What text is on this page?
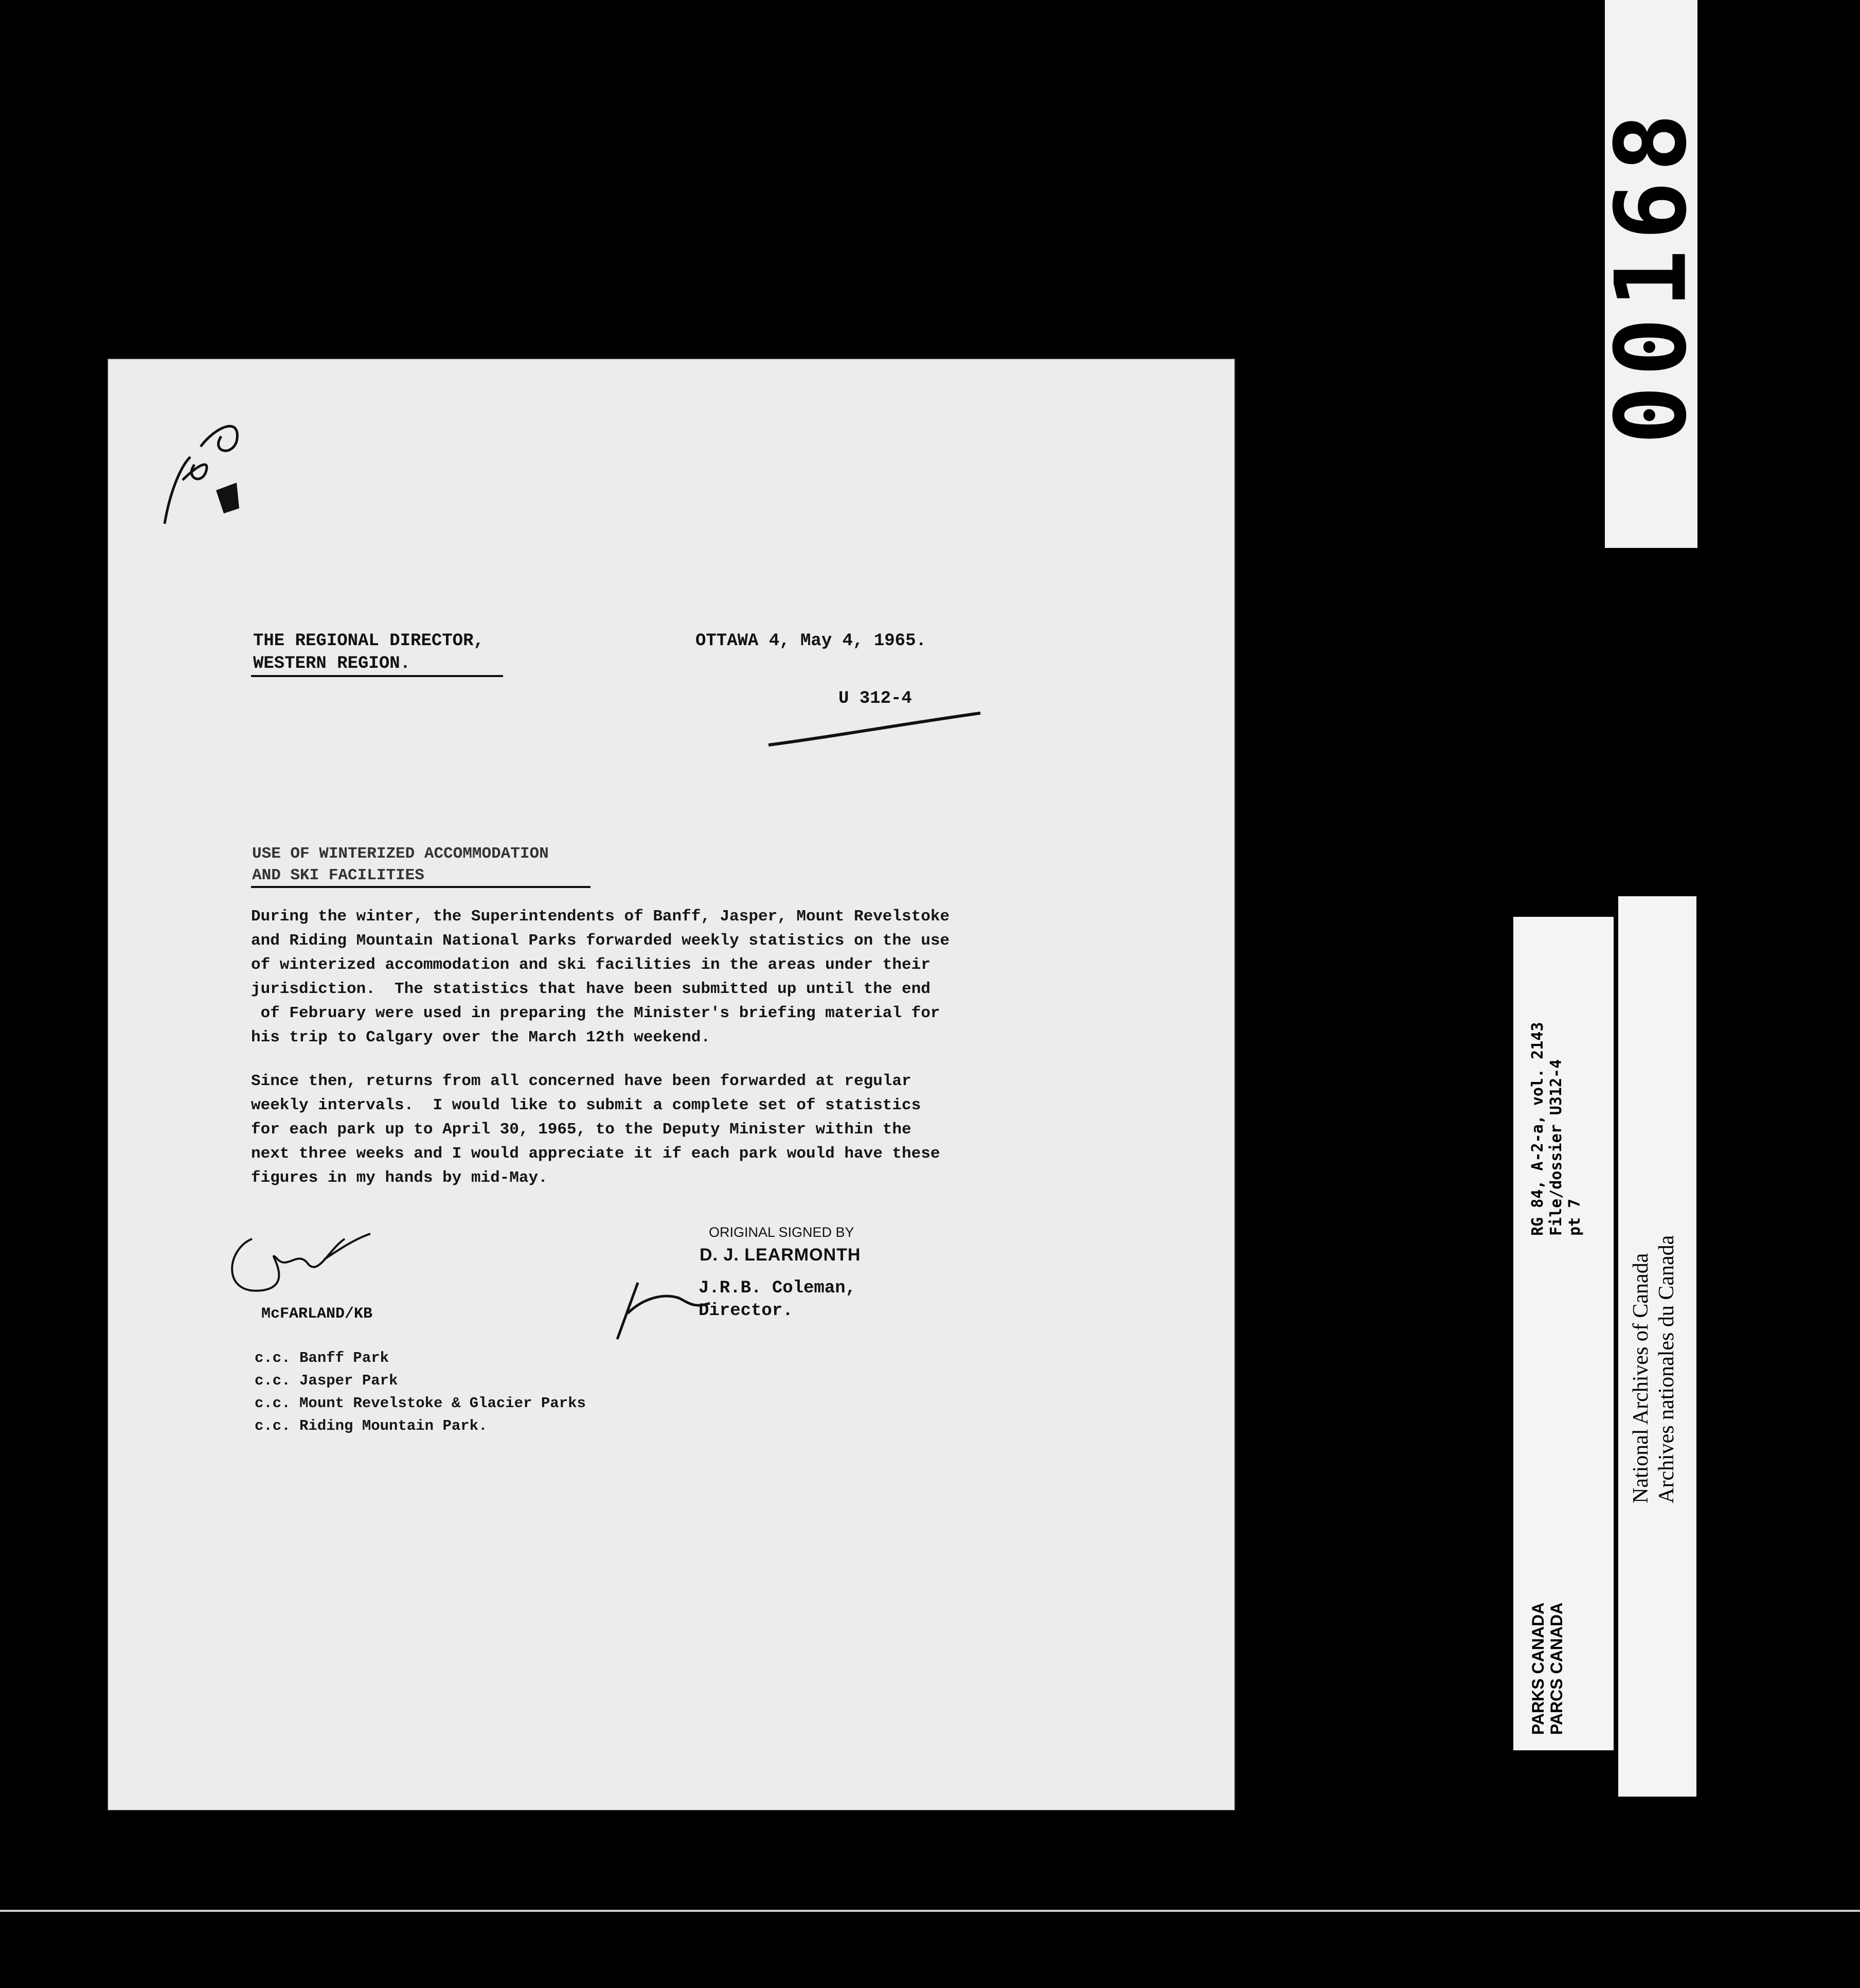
00168
THE REGIONAL DIRECTOR,
WESTERN REGION.
OTTAWA 4, May 4, 1965.
U 312-4
USE OF WINTERIZED ACCOMMODATION
AND SKI FACILITIES
During the winter, the Superintendents of Banff, Jasper, Mount Revelstoke
and Riding Mountain National Parks forwarded weekly statistics on the use
of winterized accommodation and ski facilities in the areas under their
jurisdiction.  The statistics that have been submitted up until the end
of February were used in preparing the Minister's briefing material for
his trip to Calgary over the March 12th weekend.
Since then, returns from all concerned have been forwarded at regular
weekly intervals.  I would like to submit a complete set of statistics
for each park up to April 30, 1965, to the Deputy Minister within the
next three weeks and I would appreciate it if each park would have these
figures in my hands by mid-May.
ORIGINAL SIGNED BY
D. J. LEARMONTH
J.R.B. Coleman,
Director.
McFARLAND/KB
c.c. Banff Park
c.c. Jasper Park
c.c. Mount Revelstoke & Glacier Parks
c.c. Riding Mountain Park.
RG 84, A-2-a, vol. 2143 File/dossier U312-4 pt 7
PARKS CANADA PARCS CANADA
National Archives of Canada Archives nationales du Canada
